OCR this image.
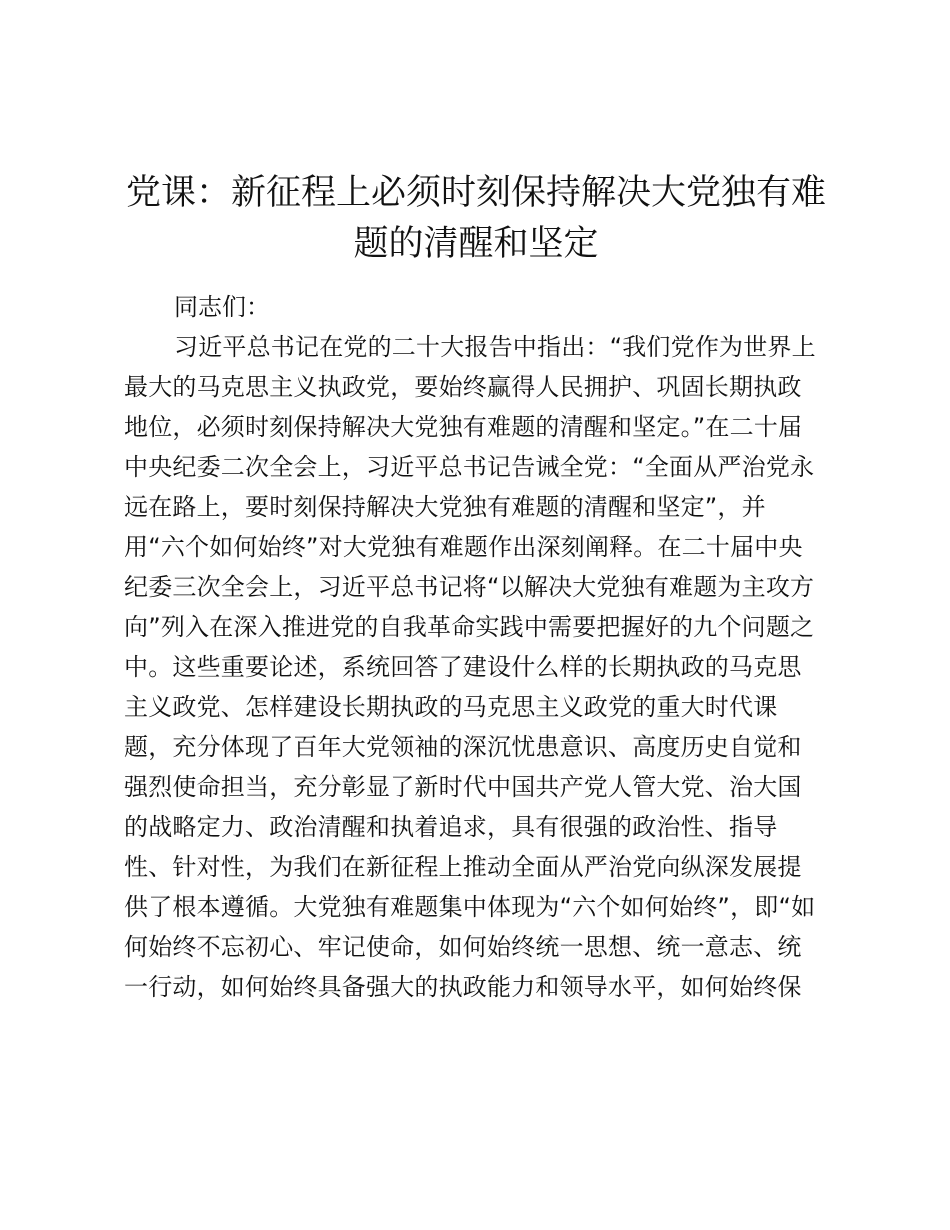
党课：新征程上必须时刻保持解决大党独有难
题的清醒和坚定

同志们：

习近平总书记在党的二十大报告中指出：“我们党作为世界上
最大的马克思主义执政党，要始终赢得人民拥护、巩固长期执政
地位，必须时刻保持解决大党独有难题的清醒和坚定。”在二十届
中央纪委二次全会上，习近平总书记告诫全党：“全面从严治党永
远在路上，要时刻保持解决大党独有难题的清醒和坚定”，并
用“六个如何始终”对大党独有难题作出深刻阐释。在二十届中央
纪委三次全会上，习近平总书记将“以解决大党独有难题为主攻方
向”列入在深入推进党的自我革命实践中需要把握好的九个问题之
中。这些重要论述，系统回答了建设什么样的长期执政的马克思
主义政党、怎样建设长期执政的马克思主义政党的重大时代课
题，充分体现了百年大党领袖的深沉忧患意识、高度历史自觉和
强烈使命担当，充分彰显了新时代中国共产党人管大党、治大国
的战略定力、政治清醒和执着追求，具有很强的政治性、指导
性、针对性，为我们在新征程上推动全面从严治党向纵深发展提
供了根本遵循。大党独有难题集中体现为“六个如何始终”，即“如
何始终不忘初心、牢记使命，如何始终统一思想、统一意志、统
一行动，如何始终具备强大的执政能力和领导水平，如何始终保
